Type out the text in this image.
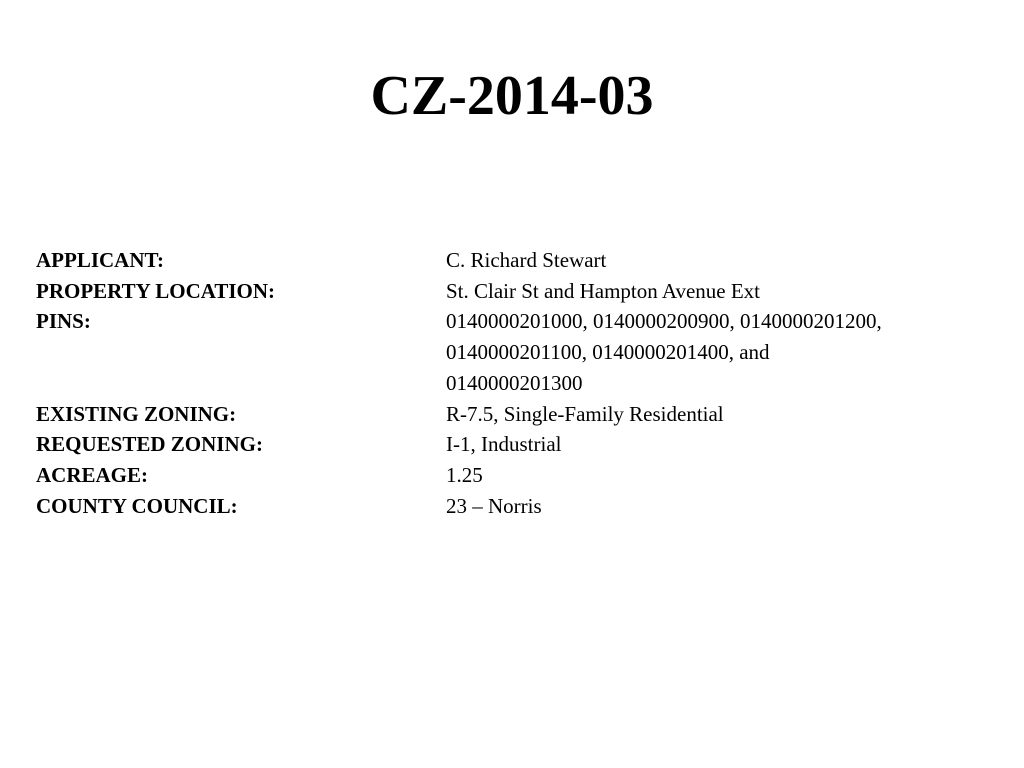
CZ-2014-03
APPLICANT:	C. Richard Stewart
PROPERTY LOCATION:	St. Clair St and Hampton Avenue Ext
PINS:	0140000201000, 0140000200900, 0140000201200,
0140000201100, 0140000201400, and
0140000201300
EXISTING ZONING:	R-7.5, Single-Family Residential
REQUESTED ZONING:	I-1, Industrial
ACREAGE:	1.25
COUNTY COUNCIL:	23 – Norris
